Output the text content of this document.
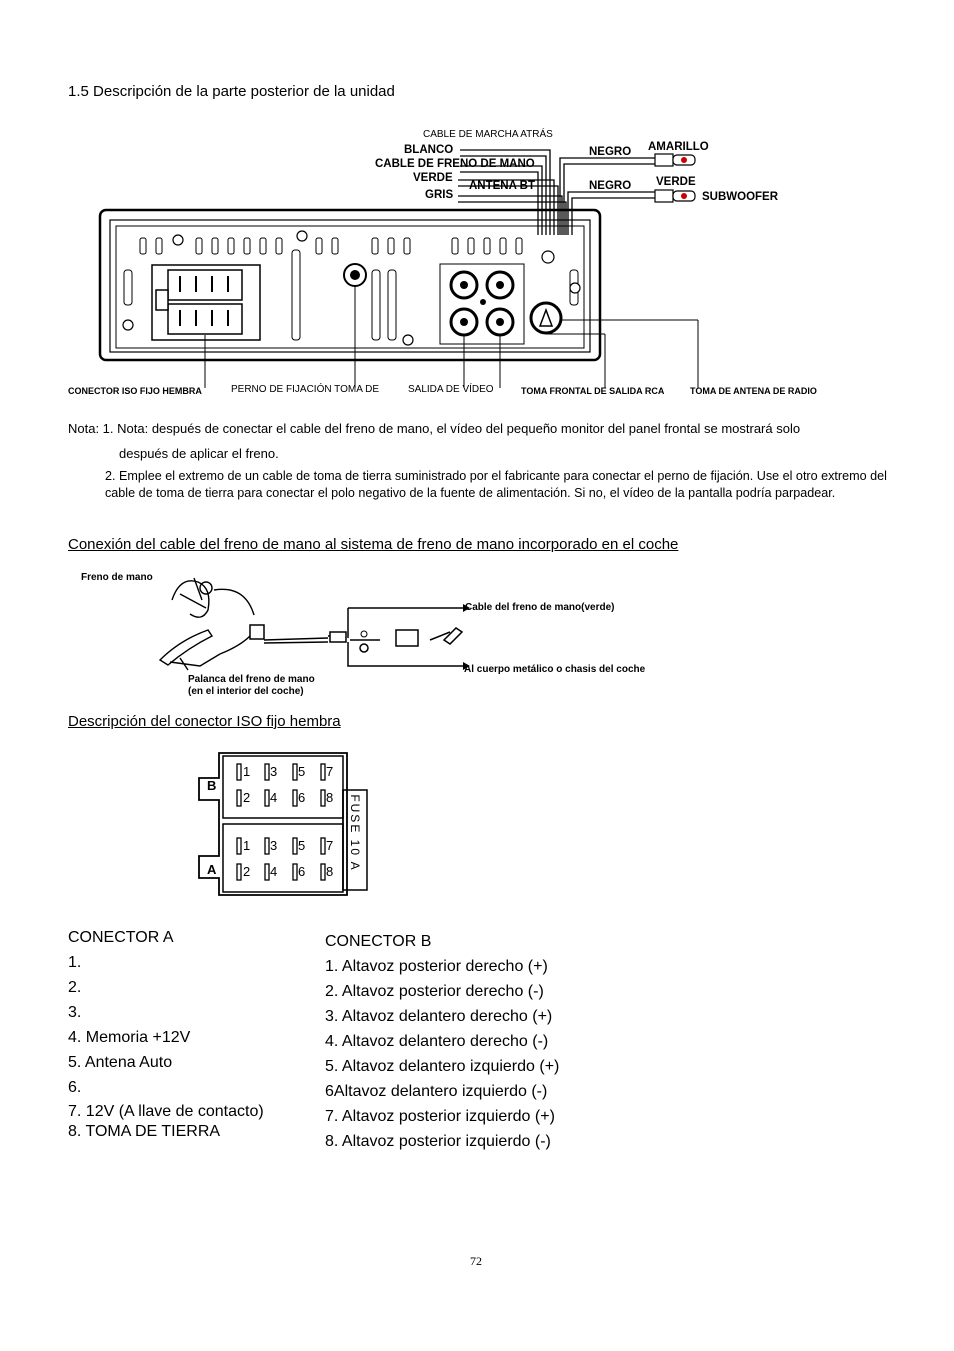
1.5 Descripción de la parte posterior de la unidad
CABLE DE MARCHA ATRÁS
BLANCO
CABLE DE FRENO DE MANO
VERDE
GRIS
ANTENA BT
NEGRO AMARILLO
NEGRO VERDE
SUBWOOFER
CONECTOR ISO FIJO HEMBRA	PERNO DE FIJACIÓN TOMA DE	SALIDA DE VÍDEO	TOMA FRONTAL DE SALIDA RCA	TOMA DE ANTENA DE RADIO
Nota: 1. Nota: después de conectar el cable del freno de mano, el vídeo del pequeño monitor del panel frontal se mostrará solo
después de aplicar el freno.
2. Emplee el extremo de un cable de toma de tierra suministrado por el fabricante para conectar el perno de fijación. Use el otro extremo del cable de toma de tierra para conectar el polo negativo de la fuente de alimentación. Si no, el vídeo de la pantalla podría parpadear.
Conexión del cable del freno de mano al sistema de freno de mano incorporado en el coche
Freno de mano
Cable del freno de mano(verde)
Al cuerpo metálico o chasis del coche
Palanca del freno de mano
(en el interior del coche)
Descripción del conector ISO fijo hembra
B
A
1 3 5 7
2 4 6 8
1 3 5 7
2 4 6 8 FUSE 10 A
CONECTOR A
1.
2.
3.
4. Memoria +12V
5. Antena Auto
6.
7. 12V (A llave de contacto)
8. TOMA DE TIERRA
CONECTOR B
1. Altavoz posterior derecho (+)
2. Altavoz posterior derecho (-)
3. Altavoz delantero derecho (+)
4. Altavoz delantero derecho (-)
5. Altavoz delantero izquierdo (+)
6Altavoz delantero izquierdo (-)
7. Altavoz posterior izquierdo (+)
8. Altavoz posterior izquierdo (-)
72
